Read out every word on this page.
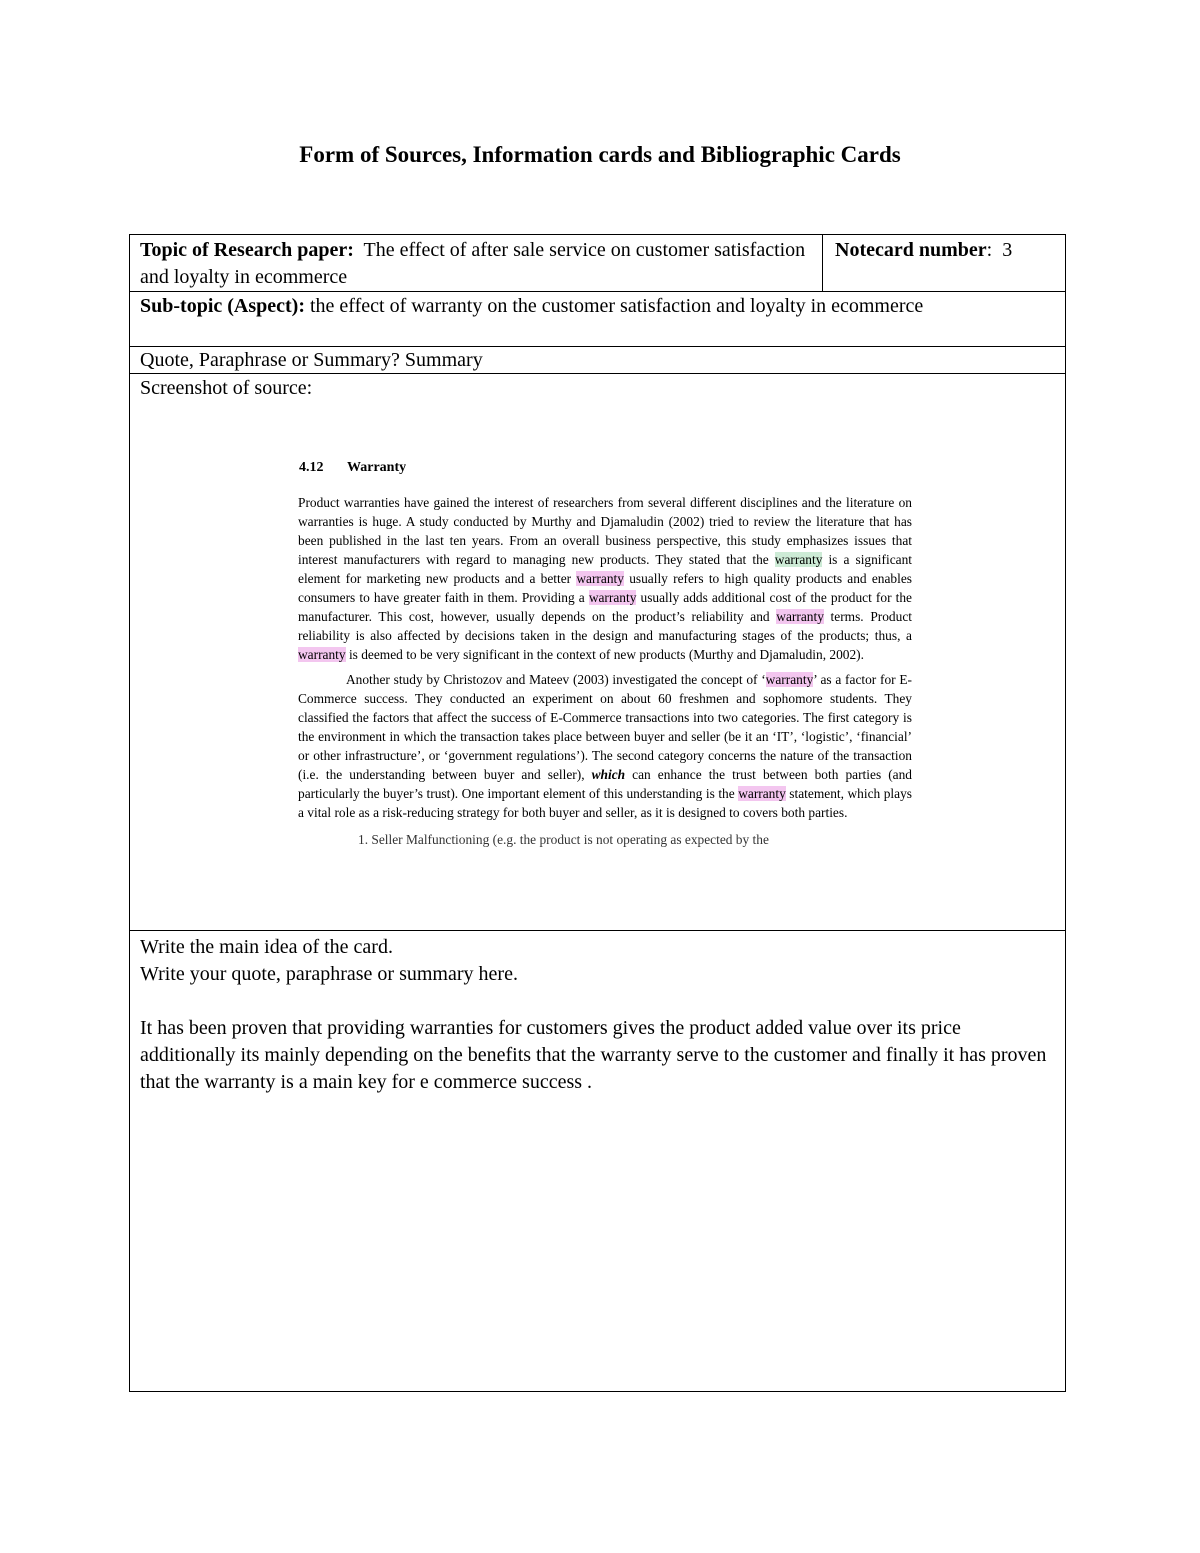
Form of Sources, Information cards and Bibliographic Cards
Topic of Research paper: The effect of after sale service on customer satisfaction and loyalty in ecommerce
Notecard number: 3
Sub-topic (Aspect): the effect of warranty on the customer satisfaction and loyalty in ecommerce
Quote, Paraphrase or Summary? Summary
Screenshot of source:
4.12 Warranty

Product warranties have gained the interest of researchers from several different disciplines and the literature on warranties is huge. A study conducted by Murthy and Djamaludin (2002) tried to review the literature that has been published in the last ten years. From an overall business perspective, this study emphasizes issues that interest manufacturers with regard to managing new products. They stated that the warranty is a significant element for marketing new products and a better warranty usually refers to high quality products and enables consumers to have greater faith in them. Providing a warranty usually adds additional cost of the product for the manufacturer. This cost, however, usually depends on the product’s reliability and warranty terms. Product reliability is also affected by decisions taken in the design and manufacturing stages of the products; thus, a warranty is deemed to be very significant in the context of new products (Murthy and Djamaludin, 2002).

Another study by Christozov and Mateev (2003) investigated the concept of ‘warranty’ as a factor for E-Commerce success. They conducted an experiment on about 60 freshmen and sophomore students. They classified the factors that affect the success of E-Commerce transactions into two categories. The first category is the environment in which the transaction takes place between buyer and seller (be it an ‘IT’, ‘logistic’, ‘financial’ or other infrastructure’, or ‘government regulations’). The second category concerns the nature of the transaction (i.e. the understanding between buyer and seller), which can enhance the trust between both parties (and particularly the buyer’s trust). One important element of this understanding is the warranty statement, which plays a vital role as a risk-reducing strategy for both buyer and seller, as it is designed to covers both parties.

1. Seller Malfunctioning (e.g. the product is not operating as expected by the
Write the main idea of the card.
Write your quote, paraphrase or summary here.
It has been proven that providing warranties for customers gives the product added value over its price additionally its mainly depending on the benefits that the warranty serve to the customer and finally it has proven that the warranty is a main key for e commerce success .
